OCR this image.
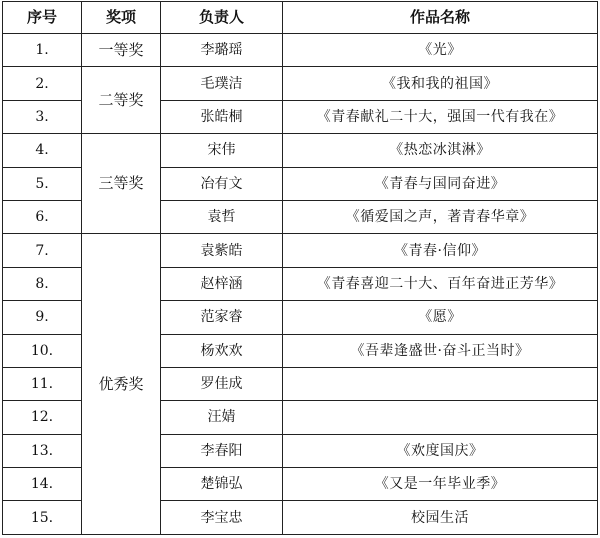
序号	奖项	负责人	作品名称
1.	一等奖	李璐瑶	《光》
2.	二等奖	毛璞洁	《我和我的祖国》
3.		张皓桐	《青春献礼二十大，强国一代有我在》
4.	三等奖	宋伟	《热恋冰淇淋》
5.		冶有文	《青春与国同奋进》
6.		袁哲	《循爱国之声，著青春华章》
7.	优秀奖	袁紫皓	《青春·信仰》
8.		赵梓涵	《青春喜迎二十大、百年奋进正芳华》
9.		范家睿	《愿》
10.		杨欢欢	《吾辈逢盛世·奋斗正当时》
11.		罗佳成	
12.		汪婧	
13.		李春阳	《欢度国庆》
14.		楚锦弘	《又是一年毕业季》
15.		李宝忠	校园生活
